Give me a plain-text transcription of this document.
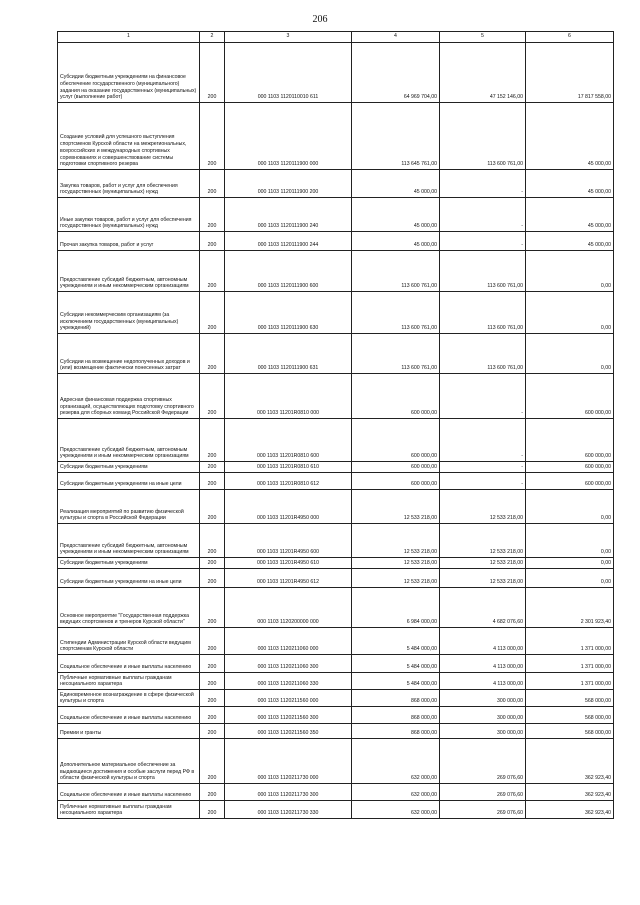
206
1	2	3	4	5	6
Субсидии бюджетным учреждениям на финансовое обеспечение государственного (муниципального) задания на оказание государственных (муниципальных) услуг (выполнение работ)	200	000 1103 1120110010 611	64 969 704,00	47 152 146,00	17 817 558,00
Создание условий для успешного выступления спортсменов Курской области на межрегиональных, всероссийских и международных спортивных соревнованиях и совершенствование системы подготовки спортивного резерва	200	000 1103 1120111900 000	113 645 761,00	113 600 761,00	45 000,00
Закупка товаров, работ и услуг для обеспечения государственных (муниципальных) нужд	200	000 1103 1120111900 200	45 000,00	-	45 000,00
Иные закупки товаров, работ и услуг для обеспечения государственных (муниципальных) нужд	200	000 1103 1120111900 240	45 000,00	-	45 000,00
Прочая закупка товаров, работ и услуг	200	000 1103 1120111900 244	45 000,00	-	45 000,00
Предоставление субсидий бюджетным, автономным учреждениям и иным некоммерческим организациям	200	000 1103 1120111900 600	113 600 761,00	113 600 761,00	0,00
Субсидии некоммерческим организациям (за исключением государственных (муниципальных) учреждений)	200	000 1103 1120111900 630	113 600 761,00	113 600 761,00	0,00
Субсидии на возмещение недополученных доходов и (или) возмещение фактически понесенных затрат	200	000 1103 1120111900 631	113 600 761,00	113 600 761,00	0,00
Адресная финансовая поддержка спортивных организаций, осуществляющих подготовку спортивного резерва для сборных команд Российской Федерации	200	000 1103 11201R0810 000	600 000,00	-	600 000,00
Предоставление субсидий бюджетным, автономным учреждениям и иным некоммерческим организациям	200	000 1103 11201R0810 600	600 000,00	-	600 000,00
Субсидии бюджетным учреждениям	200	000 1103 11201R0810 610	600 000,00	-	600 000,00
Субсидии бюджетным учреждениям на иные цели	200	000 1103 11201R0810 612	600 000,00	-	600 000,00
Реализация мероприятий по развитию физической культуры и спорта в Российской Федерации	200	000 1103 11201R4950 000	12 533 218,00	12 533 218,00	0,00
Предоставление субсидий бюджетным, автономным учреждениям и иным некоммерческим организациям	200	000 1103 11201R4950 600	12 533 218,00	12 533 218,00	0,00
Субсидии бюджетным учреждениям	200	000 1103 11201R4950 610	12 533 218,00	12 533 218,00	0,00
Субсидии бюджетным учреждениям на иные цели	200	000 1103 11201R4950 612	12 533 218,00	12 533 218,00	0,00
Основное мероприятие "Государственная поддержка ведущих спортсменов и тренеров Курской области"	200	000 1103 1120200000 000	6 984 000,00	4 682 076,60	2 301 923,40
Стипендии Администрации Курской области ведущим спортсменам Курской области	200	000 1103 1120211060 000	5 484 000,00	4 113 000,00	1 371 000,00
Социальное обеспечение и иные выплаты населению	200	000 1103 1120211060 300	5 484 000,00	4 113 000,00	1 371 000,00
Публичные нормативные выплаты гражданам несоциального характера	200	000 1103 1120211060 330	5 484 000,00	4 113 000,00	1 371 000,00
Единовременное вознаграждение в сфере физической культуры и спорта	200	000 1103 1120211560 000	868 000,00	300 000,00	568 000,00
Социальное обеспечение и иные выплаты населению	200	000 1103 1120211560 300	868 000,00	300 000,00	568 000,00
Премии и гранты	200	000 1103 1120211560 350	868 000,00	300 000,00	568 000,00
Дополнительное материальное обеспечение за выдающиеся достижения и особые заслуги перед РФ в области физической культуры и спорта	200	000 1103 1120211730 000	632 000,00	269 076,60	362 923,40
Социальное обеспечение и иные выплаты населению	200	000 1103 1120211730 300	632 000,00	269 076,60	362 923,40
Публичные нормативные выплаты гражданам несоциального характера	200	000 1103 1120211730 330	632 000,00	269 076,60	362 923,40
